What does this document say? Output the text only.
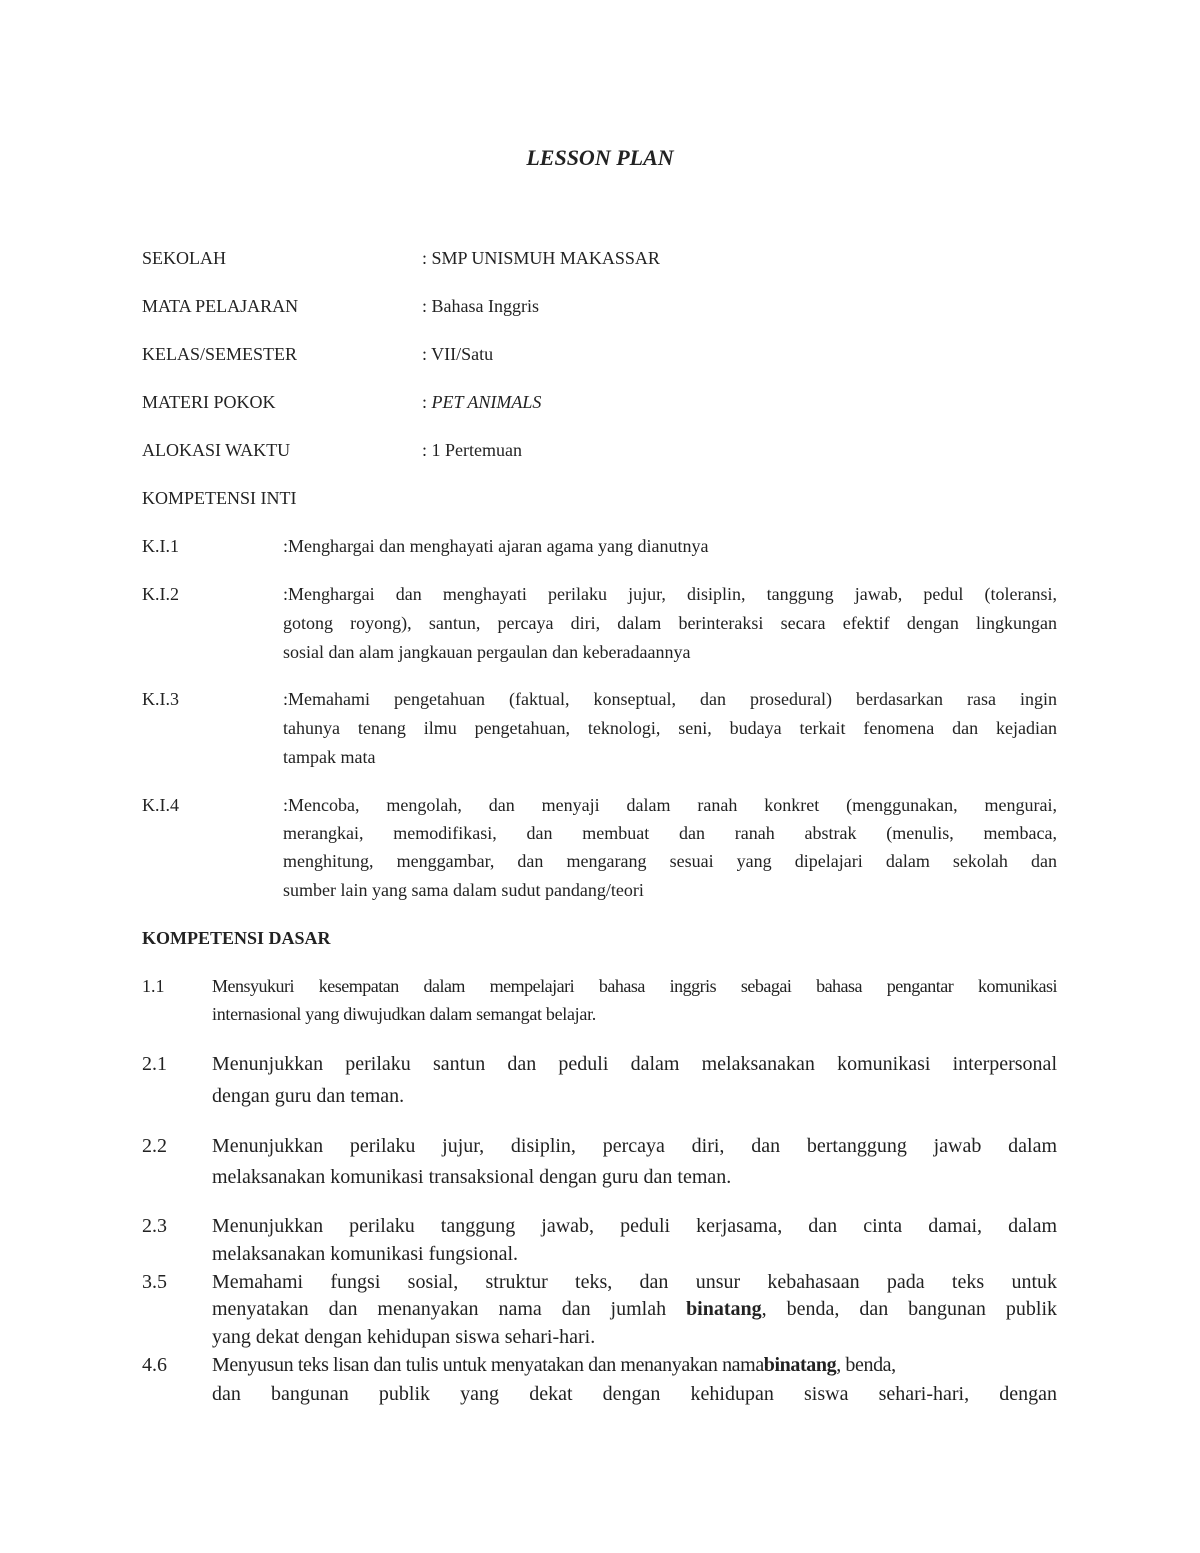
LESSON PLAN
SEKOLAH	: SMP UNISMUH MAKASSAR
MATA PELAJARAN	: Bahasa Inggris
KELAS/SEMESTER	: VII/Satu
MATERI POKOK	: PET ANIMALS
ALOKASI WAKTU	: 1 Pertemuan
KOMPETENSI INTI
K.I.1	:Menghargai dan menghayati ajaran agama yang dianutnya
K.I.2	:Menghargai dan menghayati perilaku jujur, disiplin, tanggung jawab, pedul (toleransi,
gotong royong), santun, percaya diri, dalam berinteraksi secara efektif dengan lingkungan
sosial dan alam jangkauan pergaulan dan keberadaannya
K.I.3	:Memahami pengetahuan (faktual, konseptual, dan prosedural) berdasarkan rasa ingin
tahunya tenang ilmu pengetahuan, teknologi, seni, budaya terkait fenomena dan kejadian
tampak mata
K.I.4	:Mencoba, mengolah, dan menyaji dalam ranah konkret (menggunakan, mengurai,
merangkai, memodifikasi, dan membuat dan ranah abstrak (menulis, membaca,
menghitung, menggambar, dan mengarang sesuai yang dipelajari dalam sekolah dan
sumber lain yang sama dalam sudut pandang/teori
KOMPETENSI DASAR
1.1	Mensyukuri kesempatan dalam mempelajari bahasa inggris sebagai bahasa pengantar komunikasi
internasional yang diwujudkan dalam semangat belajar.
2.1 Menunjukkan perilaku santun dan peduli dalam melaksanakan komunikasi interpersonal
dengan guru dan teman.
2.2 Menunjukkan perilaku jujur, disiplin, percaya diri, dan bertanggung jawab dalam
melaksanakan komunikasi transaksional dengan guru dan teman.
2.3 Menunjukkan perilaku tanggung jawab, peduli kerjasama, dan cinta damai, dalam
melaksanakan komunikasi fungsional.
3.5 Memahami fungsi sosial, struktur teks, dan unsur kebahasaan pada teks untuk
menyatakan dan menanyakan nama dan jumlah binatang, benda, dan bangunan publik
yang dekat dengan kehidupan siswa sehari-hari.
4.6 Menyusun teks lisan dan tulis untuk menyatakan dan menanyakan namabinatang, benda,
dan bangunan publik yang dekat dengan kehidupan siswa sehari-hari, dengan
